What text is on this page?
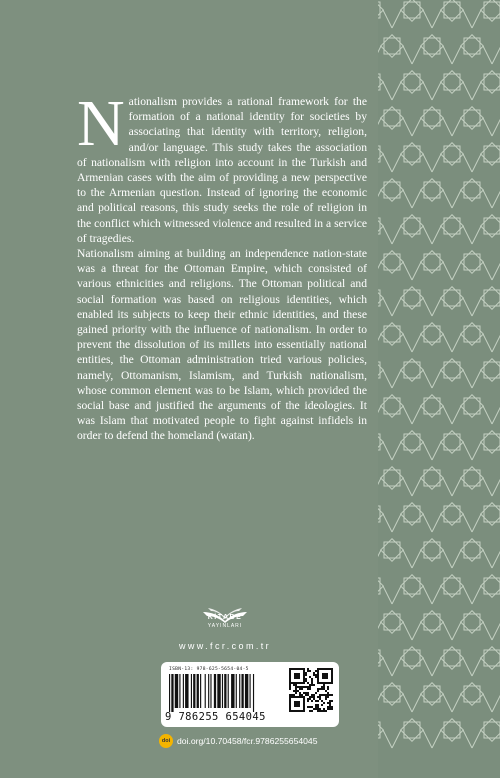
Nationalism provides a rational framework for the formation of a national identity for societies by associating that identity with territory, religion, and/or language. This study takes the association of nationalism with religion into account in the Turkish and Armenian cases with the aim of providing a new perspective to the Armenian question. Instead of ignoring the economic and political reasons, this study seeks the role of religion in the conflict which witnessed violence and resulted in a service of tragedies.

Nationalism aiming at building an independence nation-state was a threat for the Ottoman Empire, which consisted of various ethnicities and religions. The Ottoman political and social formation was based on religious identities, which enabled its subjects to keep their ethnic identities, and these gained priority with the influence of nationalism. In order to prevent the dissolution of its millets into essentially national entities, the Ottoman administration tried various policies, namely, Ottomanism, Islamism, and Turkish nationalism, whose common element was to be Islam, which provided the social base and justified the arguments of the ideologies. It was Islam that motivated people to fight against infidels in order to defend the homeland (watan).

KİTABE
YAYINLARI
www.fcr.com.tr
ISBN-13: 978-625-5654-04-5
9 786255 654045
doi doi.org/10.70458/fcr.9786255654045
